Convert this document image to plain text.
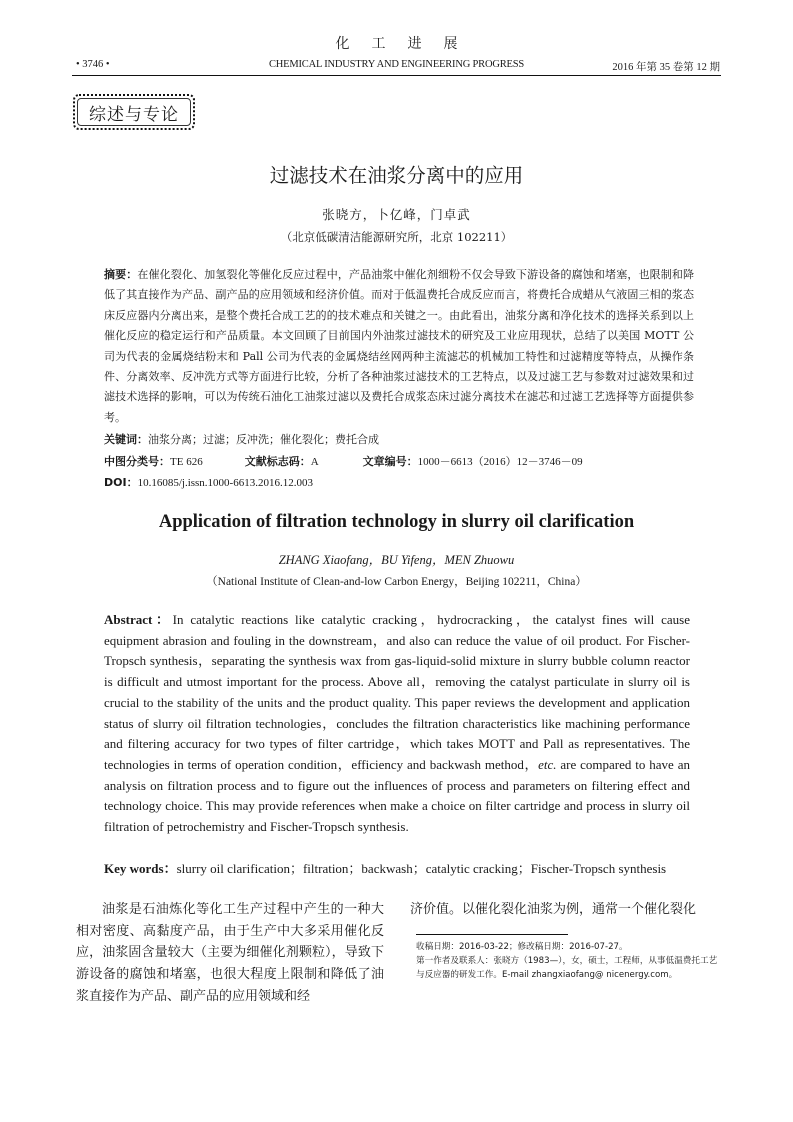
化工进展
• 3746 •	CHEMICAL INDUSTRY AND ENGINEERING PROGRESS	2016 年第 35 卷第 12 期
综述与专论
过滤技术在油浆分离中的应用
张晓方，卜亿峰，门卓武
（北京低碳清洁能源研究所，北京 102211）
摘要：在催化裂化、加氢裂化等催化反应过程中，产品油浆中催化剂细粉不仅会导致下游设备的腐蚀和堵塞，也限制和降低了其直接作为产品、副产品的应用领域和经济价值。而对于低温费托合成反应而言，将费托合成蜡从气液固三相的浆态床反应器内分离出来，是整个费托合成工艺的的技术难点和关键之一。由此看出，油浆分离和净化技术的选择关系到以上催化反应的稳定运行和产品质量。本文回顾了目前国内外油浆过滤技术的研究及工业应用现状，总结了以美国 MOTT 公司为代表的金属烧结粉末和 Pall 公司为代表的金属烧结丝网两种主流滤芯的机械加工特性和过滤精度等特点，从操作条件、分离效率、反冲洗方式等方面进行比较，分析了各种油浆过滤技术的工艺特点，以及过滤工艺与参数对过滤效果和过滤技术选择的影响，可以为传统石油化工油浆过滤以及费托合成浆态床过滤分离技术在滤芯和过滤工艺选择等方面提供参考。
关键词：油浆分离；过滤；反冲洗；催化裂化；费托合成
中图分类号：TE 626	文献标志码：A	文章编号：1000－6613（2016）12－3746－09
DOI：10.16085/j.issn.1000-6613.2016.12.003
Application of filtration technology in slurry oil clarification
ZHANG Xiaofang，BU Yifeng，MEN Zhuowu
（National Institute of Clean-and-low Carbon Energy，Beijing 102211，China）
Abstract：In catalytic reactions like catalytic cracking，hydrocracking，the catalyst fines will cause equipment abrasion and fouling in the downstream，and also can reduce the value of oil product. For Fischer-Tropsch synthesis，separating the synthesis wax from gas-liquid-solid mixture in slurry bubble column reactor is difficult and utmost important for the process. Above all，removing the catalyst particulate in slurry oil is crucial to the stability of the units and the product quality. This paper reviews the development and application status of slurry oil filtration technologies，concludes the filtration characteristics like machining performance and filtering accuracy for two types of filter cartridge，which takes MOTT and Pall as representatives. The technologies in terms of operation condition，efficiency and backwash method，etc. are compared to have an analysis on filtration process and to figure out the influences of process and parameters on filtering effect and technology choice. This may provide references when make a choice on filter cartridge and process in slurry oil filtration of petrochemistry and Fischer-Tropsch synthesis.
Key words：slurry oil clarification；filtration；backwash；catalytic cracking；Fischer-Tropsch synthesis

油浆是石油炼化等化工生产过程中产生的一种大相对密度、高黏度产品，由于生产中大多采用催化反应，油浆固含量较大（主要为细催化剂颗粒），导致下游设备的腐蚀和堵塞，也很大程度上限制和降低了油浆直接作为产品、副产品的应用领域和经

济价值。以催化裂化油浆为例，通常一个催化裂化

收稿日期：2016-03-22；修改稿日期：2016-07-27。

第一作者及联系人：张晓方（1983—），女，硕士，工程师，从事低温费托工艺与反应器的研发工作。E-mail zhangxiaofang@ nicenergy.com。
